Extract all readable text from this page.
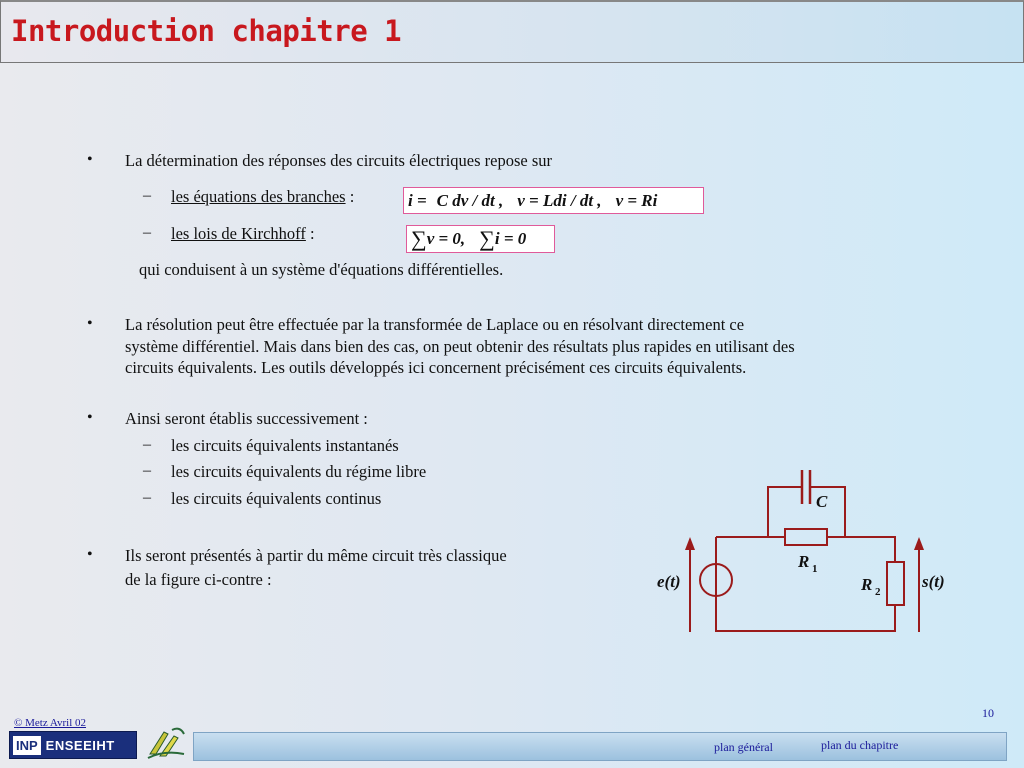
Introduction chapitre 1
• La détermination des réponses des circuits électriques repose sur
– les équations des branches :	i = C dv / dt , v = Ldi / dt , v = Ri
– les lois de Kirchhoff :	∑ v = 0, ∑ i = 0
qui conduisent à un système d'équations différentielles.
• La résolution peut être effectuée par la transformée de Laplace ou en résolvant directement ce
système différentiel. Mais dans bien des cas, on peut obtenir des résultats plus rapides en utilisant des
circuits équivalents. Les outils développés ici concernent précisément ces circuits équivalents.
• Ainsi seront établis successivement :
– les circuits équivalents instantanés
– les circuits équivalents du régime libre
– les circuits équivalents continus
• Ils seront présentés à partir du même circuit très classique
de la figure ci-contre :
C
R 1
R 2
e(t)	s(t)
© Metz Avril 02
10
INP ENSEEIHT	plan général	plan du chapitre
